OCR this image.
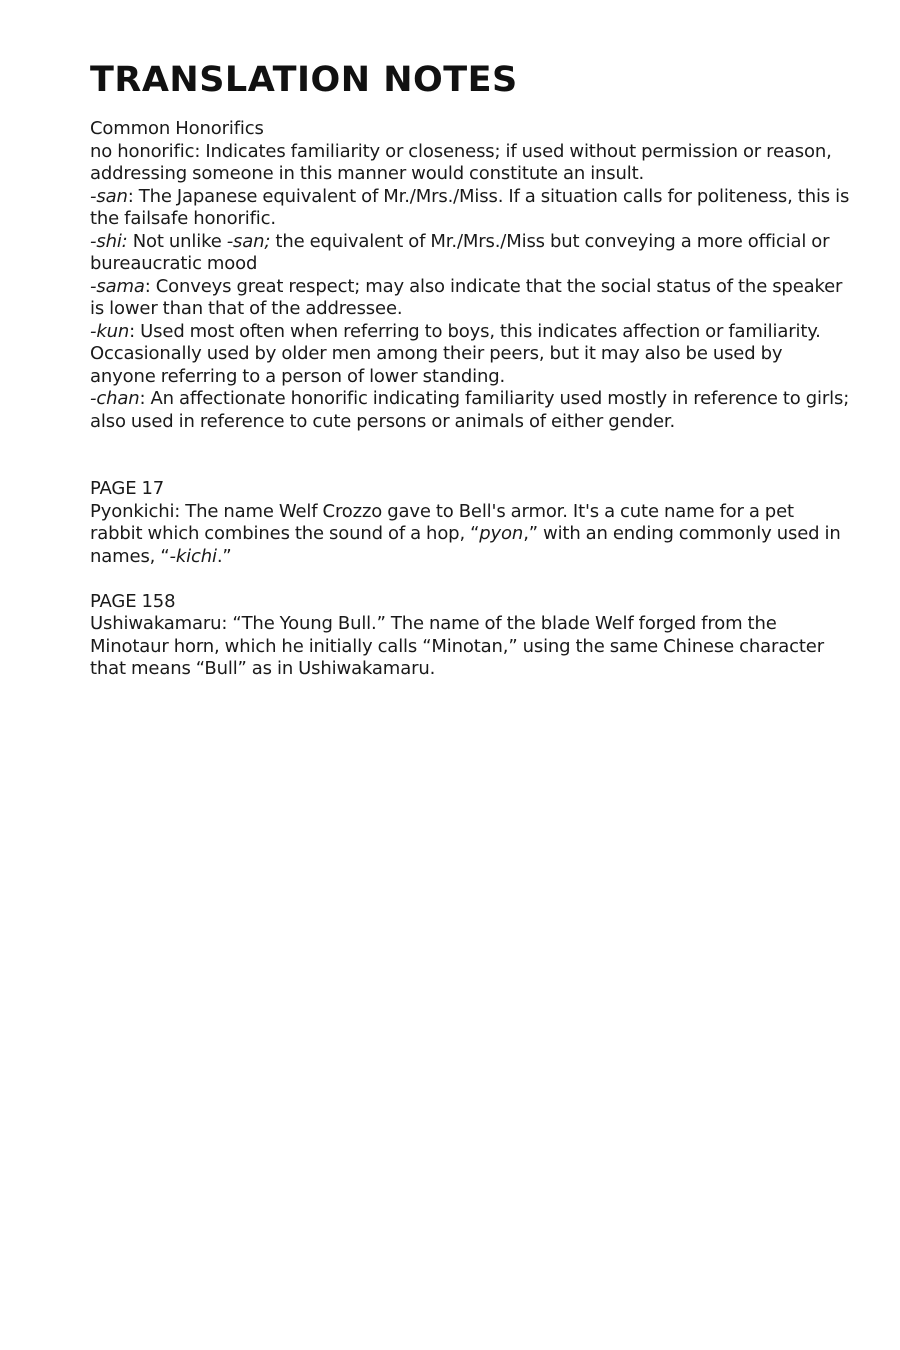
TRANSLATION NOTES
Common Honorifics
no honorific: Indicates familiarity or closeness; if used without permission or reason, addressing someone in this manner would constitute an insult.
-san: The Japanese equivalent of Mr./Mrs./Miss. If a situation calls for politeness, this is the failsafe honorific.
-shi: Not unlike -san; the equivalent of Mr./Mrs./Miss but conveying a more official or bureaucratic mood
-sama: Conveys great respect; may also indicate that the social status of the speaker is lower than that of the addressee.
-kun: Used most often when referring to boys, this indicates affection or familiarity. Occasionally used by older men among their peers, but it may also be used by anyone referring to a person of lower standing.
-chan: An affectionate honorific indicating familiarity used mostly in reference to girls; also used in reference to cute persons or animals of either gender.
PAGE 17
Pyonkichi: The name Welf Crozzo gave to Bell's armor. It's a cute name for a pet rabbit which combines the sound of a hop, “pyon,” with an ending commonly used in names, “-kichi.”
PAGE 158
Ushiwakamaru: “The Young Bull.” The name of the blade Welf forged from the Minotaur horn, which he initially calls “Minotan,” using the same Chinese character that means “Bull” as in Ushiwakamaru.
